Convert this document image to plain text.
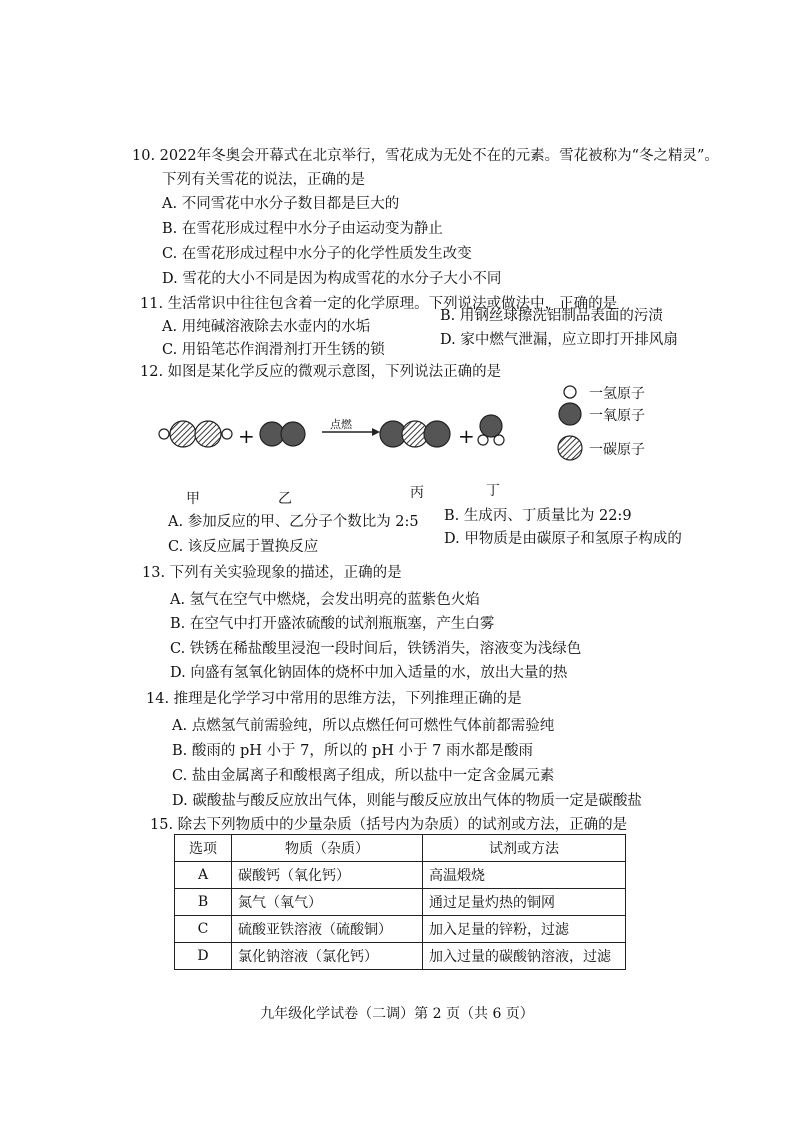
10. 2022年冬奥会开幕式在北京举行，雪花成为无处不在的元素。雪花被称为“冬之精灵”。
下列有关雪花的说法，正确的是
A. 不同雪花中水分子数目都是巨大的
B. 在雪花形成过程中水分子由运动变为静止
C. 在雪花形成过程中水分子的化学性质发生改变
D. 雪花的大小不同是因为构成雪花的水分子大小不同
11. 生活常识中往往包含着一定的化学原理。下列说法或做法中，正确的是
A. 用纯碱溶液除去水壶内的水垢
B. 用钢丝球擦洗铝制品表面的污渍
C. 用铅笔芯作润滑剂打开生锈的锁
D. 家中燃气泄漏，应立即打开排风扇
12. 如图是某化学反应的微观示意图，下列说法正确的是
+	+
点燃
一氢原子
一氧原子
一碳原子
甲	乙	丙	丁
A. 参加反应的甲、乙分子个数比为 2:5 B. 生成丙、丁质量比为 22:9
C. 该反应属于置换反应	D. 甲物质是由碳原子和氢原子构成的
13. 下列有关实验现象的描述，正确的是
A. 氢气在空气中燃烧，会发出明亮的蓝紫色火焰
B. 在空气中打开盛浓硫酸的试剂瓶瓶塞，产生白雾
C. 铁锈在稀盐酸里浸泡一段时间后，铁锈消失，溶液变为浅绿色
D. 向盛有氢氧化钠固体的烧杯中加入适量的水，放出大量的热
14. 推理是化学学习中常用的思维方法，下列推理正确的是
A. 点燃氢气前需验纯，所以点燃任何可燃性气体前都需验纯
B. 酸雨的 pH 小于 7，所以的 pH 小于 7 雨水都是酸雨
C. 盐由金属离子和酸根离子组成，所以盐中一定含金属元素
D. 碳酸盐与酸反应放出气体，则能与酸反应放出气体的物质一定是碳酸盐
15. 除去下列物质中的少量杂质（括号内为杂质）的试剂或方法，正确的是
选项	物质（杂质）	试剂或方法
A	碳酸钙（氧化钙）	高温煅烧
B	氮气（氧气）	通过足量灼热的铜网
C	硫酸亚铁溶液（硫酸铜）	加入足量的锌粉，过滤
D	氯化钠溶液（氯化钙）	加入过量的碳酸钠溶液，过滤
九年级化学试卷（二调）第 2 页（共 6 页）
